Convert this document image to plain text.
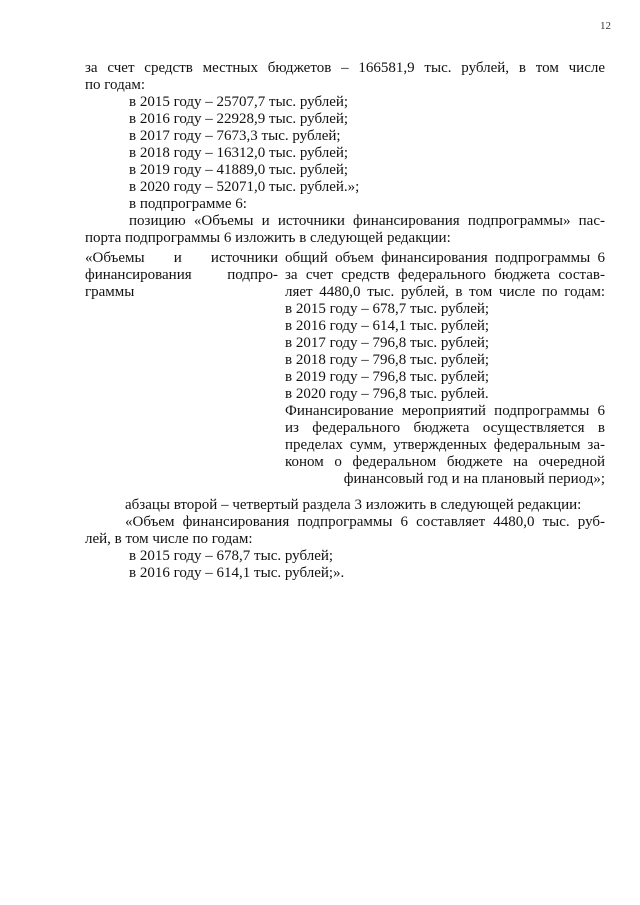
12
за счет средств местных бюджетов – 166581,9 тыс. рублей, в том числе
по годам:
в 2015 году – 25707,7 тыс. рублей;
в 2016 году – 22928,9 тыс. рублей;
в 2017 году – 7673,3 тыс. рублей;
в 2018 году – 16312,0 тыс. рублей;
в 2019 году – 41889,0 тыс. рублей;
в 2020 году – 52071,0 тыс. рублей.»;
в подпрограмме 6:
позицию «Объемы и источники финансирования подпрограммы» пас-
порта подпрограммы 6 изложить в следующей редакции:
«Объемы и источники
финансирования подпро-
граммы
общий объем финансирования подпрограммы 6
за счет средств федерального бюджета состав-
ляет 4480,0 тыс. рублей, в том числе по годам:
в 2015 году – 678,7 тыс. рублей;
в 2016 году – 614,1 тыс. рублей;
в 2017 году – 796,8 тыс. рублей;
в 2018 году – 796,8 тыс. рублей;
в 2019 году – 796,8 тыс. рублей;
в 2020 году – 796,8 тыс. рублей.
Финансирование мероприятий подпрограммы 6
из федерального бюджета осуществляется в
пределах сумм, утвержденных федеральным за-
коном о федеральном бюджете на очередной
финансовый год и на плановый период»;
абзацы второй – четвертый раздела 3 изложить в следующей редакции:
«Объем финансирования подпрограммы 6 составляет 4480,0 тыс. руб-
лей, в том числе по годам:
в 2015 году – 678,7 тыс. рублей;
в 2016 году – 614,1 тыс. рублей;».
